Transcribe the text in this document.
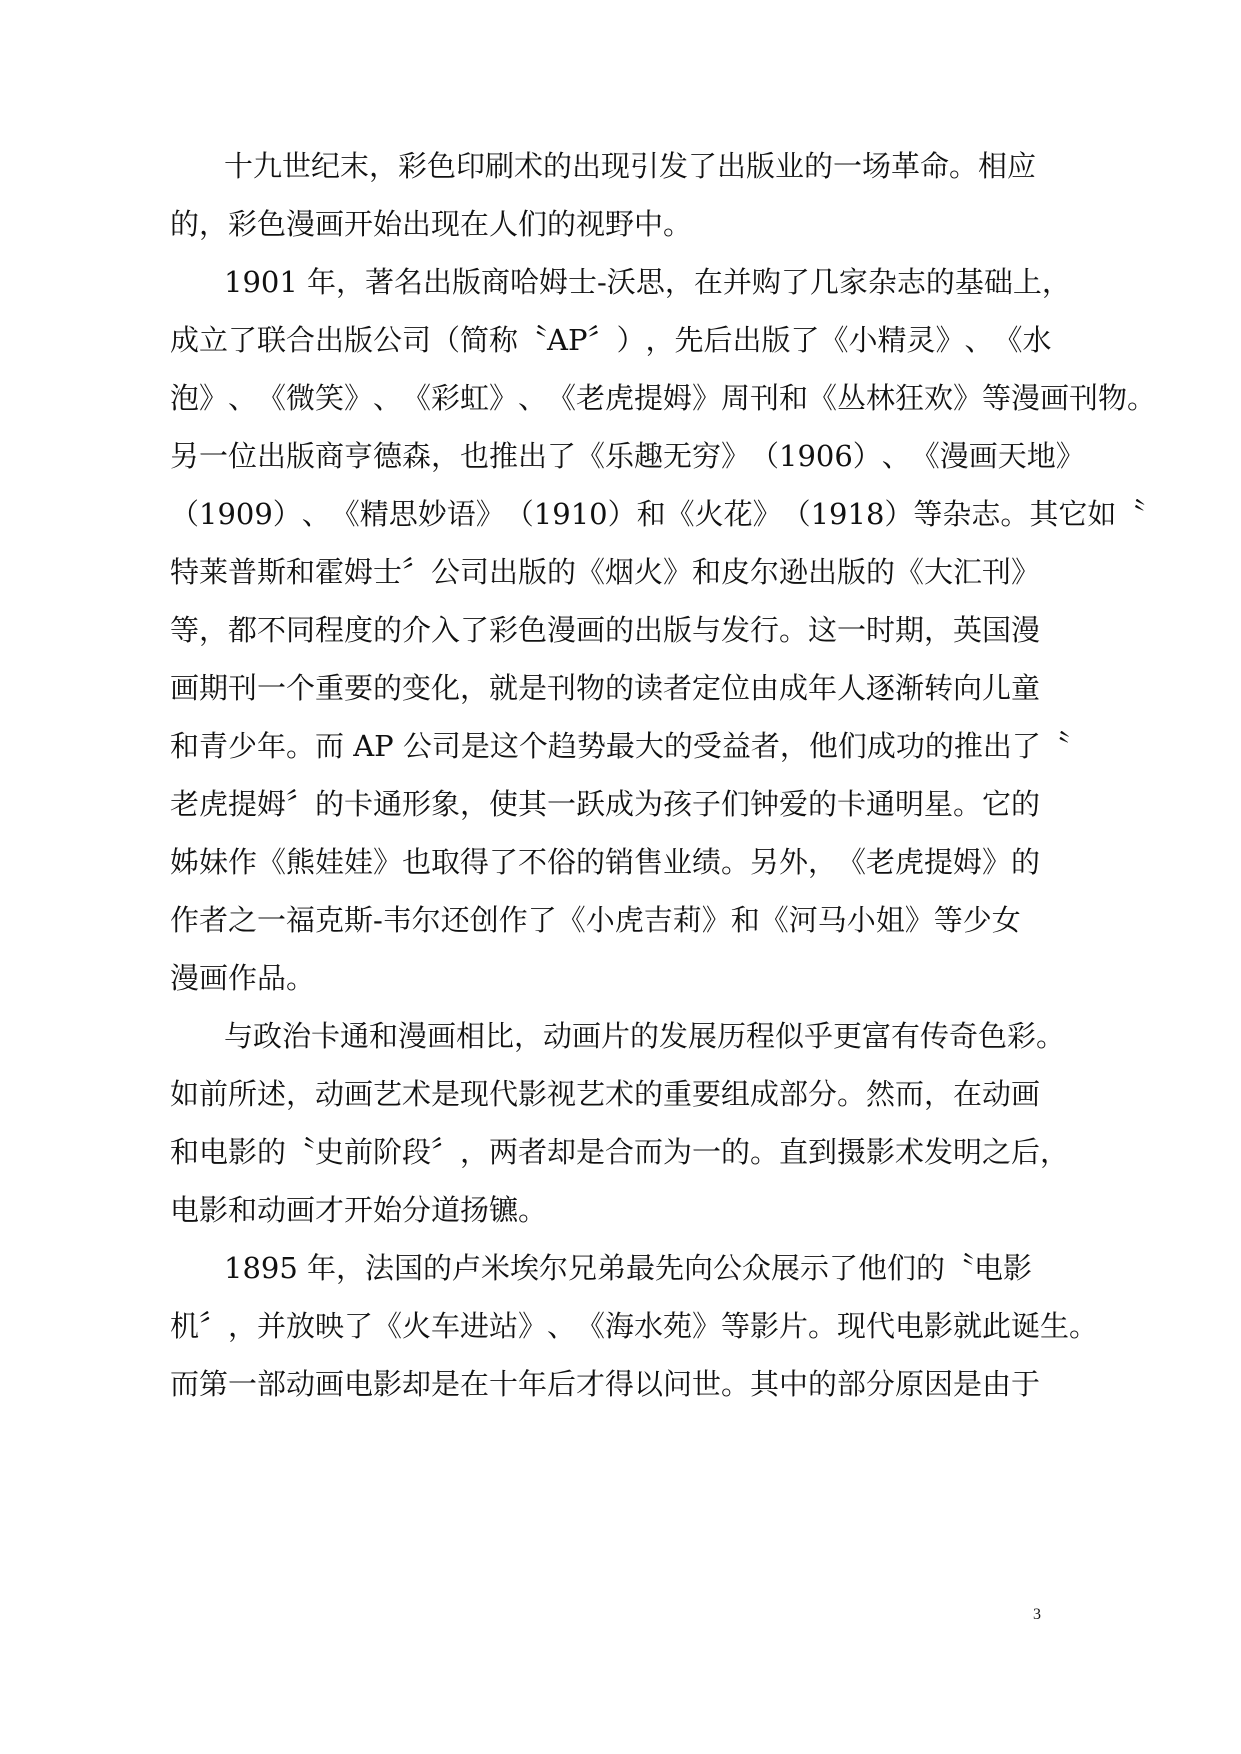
十 九 世 纪 末 ， 彩 色 印 刷 术 的 出 现 引 发 了 出 版 业 的 一 场 革 命 。 相 应
的，彩色漫画开始出现在人们的视野中。
1 9 0 1
年 ， 著 名 出 版 商 哈 姆 士 - 沃 思 ， 在 并 购 了 几 家 杂 志 的 基 础 上 ，
成 立 了 联 合 出 版 公 司 （ 简 称 〝 A P 〞 ） ， 先 后 出 版 了 《 小 精 灵 》 、 《 水
泡 》 、 《 微 笑 》 、 《 彩 虹 》 、 《 老 虎 提 姆 》 周 刊 和 《 丛 林 狂 欢 》 等 漫 画 刊 物 。
另 一 位 出 版 商 亨 德 森 ， 也 推 出 了 《 乐 趣 无 穷 》 （ 1 9 0 6 ） 、 《 漫 画 天 地 》
（ 1 9 0 9 ） 、 《 精 思 妙 语 》 （ 1 9 1 0 ） 和 《 火 花 》 （ 1 9 1 8 ） 等 杂 志 。 其 它 如 〝
特 莱 普 斯 和 霍 姆 士 〞 公 司 出 版 的 《 烟 火 》 和 皮 尔 逊 出 版 的 《 大 汇 刊 》
等 ， 都 不 同 程 度 的 介 入 了 彩 色 漫 画 的 出 版 与 发 行 。 这 一 时 期 ， 英 国 漫
画 期 刊 一 个 重 要 的 变 化 ， 就 是 刊 物 的 读 者 定 位 由 成 年 人 逐 渐 转 向 儿 童
和 青 少 年 。 而
A P
公 司 是 这 个 趋 势 最 大 的 受 益 者 ， 他 们 成 功 的 推 出 了 〝
老 虎 提 姆 〞 的 卡 通 形 象 ， 使 其 一 跃 成 为 孩 子 们 钟 爱 的 卡 通 明 星 。 它 的
姊 妹 作 《 熊 娃 娃 》 也 取 得 了 不 俗 的 销 售 业 绩 。 另 外 ， 《 老 虎 提 姆 》 的
作 者 之 一 福 克 斯 - 韦 尔 还 创 作 了 《 小 虎 吉 莉 》 和 《 河 马 小 姐 》 等 少 女
漫画作品。
与 政 治 卡 通 和 漫 画 相 比 ， 动 画 片 的 发 展 历 程 似 乎 更 富 有 传 奇 色 彩 。
如 前 所 述 ， 动 画 艺 术 是 现 代 影 视 艺 术 的 重 要 组 成 部 分 。 然 而 ， 在 动 画
和 电 影 的 〝 史 前 阶 段 〞 ， 两 者 却 是 合 而 为 一 的 。 直 到 摄 影 术 发 明 之 后 ，
电影和动画才开始分道扬镳。
1 8 9 5
年 ， 法 国 的 卢 米 埃 尔 兄 弟 最 先 向 公 众 展 示 了 他 们 的 〝 电 影
机 〞 ， 并 放 映 了 《 火 车 进 站 》 、 《 海 水 苑 》 等 影 片 。 现 代 电 影 就 此 诞 生 。
而第一部动画电影却是在十年后才得以问世。其中的部分原因是由于
3
